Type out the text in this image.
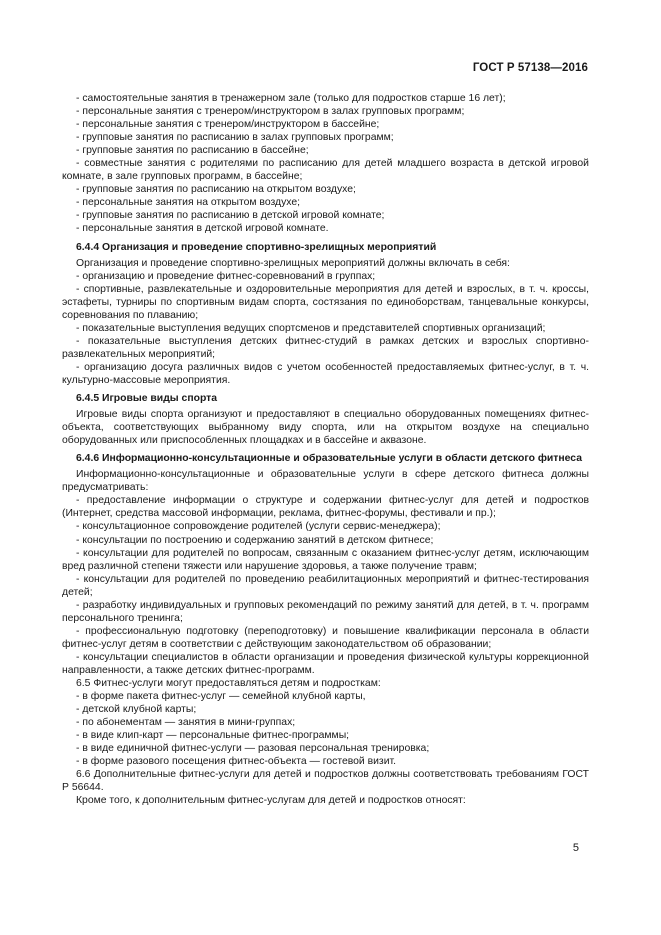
ГОСТ Р 57138—2016

- самостоятельные занятия в тренажерном зале (только для подростков старше 16 лет);

- персональные занятия с тренером/инструктором в залах групповых программ;

- персональные занятия с тренером/инструктором в бассейне;

- групповые занятия по расписанию в залах групповых программ;

- групповые занятия по расписанию в бассейне;

- совместные занятия с родителями по расписанию для детей младшего возраста в детской игровой комнате, в зале групповых программ, в бассейне;

- групповые занятия по расписанию на открытом воздухе;

- персональные занятия на открытом воздухе;

- групповые занятия по расписанию в детской игровой комнате;

- персональные занятия в детской игровой комнате.

6.4.4 Организация и проведение спортивно-зрелищных мероприятий

Организация и проведение спортивно-зрелищных мероприятий должны включать в себя:

- организацию и проведение фитнес-соревнований в группах;

- спортивные, развлекательные и оздоровительные мероприятия для детей и взрослых, в т. ч. кроссы, эстафеты, турниры по спортивным видам спорта, состязания по единоборствам, танцевальные конкурсы, соревнования по плаванию;

- показательные выступления ведущих спортсменов и представителей спортивных организаций;

- показательные выступления детских фитнес-студий в рамках детских и взрослых спортивно-развлекательных мероприятий;

- организацию досуга различных видов с учетом особенностей предоставляемых фитнес-услуг, в т. ч. культурно-массовые мероприятия.

6.4.5 Игровые виды спорта

Игровые виды спорта организуют и предоставляют в специально оборудованных помещениях фитнес-объекта, соответствующих выбранному виду спорта, или на открытом воздухе на специально оборудованных или приспособленных площадках и в бассейне и аквазоне.

6.4.6 Информационно-консультационные и образовательные услуги в области детского фитнеса

Информационно-консультационные и образовательные услуги в сфере детского фитнеса должны предусматривать:

- предоставление информации о структуре и содержании фитнес-услуг для детей и подростков (Интернет, средства массовой информации, реклама, фитнес-форумы, фестивали и пр.);

- консультационное сопровождение родителей (услуги сервис-менеджера);

- консультации по построению и содержанию занятий в детском фитнесе;

- консультации для родителей по вопросам, связанным с оказанием фитнес-услуг детям, исключающим вред различной степени тяжести или нарушение здоровья, а также получение травм;

- консультации для родителей по проведению реабилитационных мероприятий и фитнес-тестирования детей;

- разработку индивидуальных и групповых рекомендаций по режиму занятий для детей, в т. ч. программ персонального тренинга;

- профессиональную подготовку (переподготовку) и повышение квалификации персонала в области фитнес-услуг детям в соответствии с действующим законодательством об образовании;

- консультации специалистов в области организации и проведения физической культуры коррекционной направленности, а также детских фитнес-программ.

6.5 Фитнес-услуги могут предоставляться детям и подросткам:

- в форме пакета фитнес-услуг — семейной клубной карты,

- детской клубной карты;

- по абонементам — занятия в мини-группах;

- в виде клип-карт — персональные фитнес-программы;

- в виде единичной фитнес-услуги — разовая персональная тренировка;

- в форме разового посещения фитнес-объекта — гостевой визит.

6.6 Дополнительные фитнес-услуги для детей и подростков должны соответствовать требованиям ГОСТ Р 56644.

Кроме того, к дополнительным фитнес-услугам для детей и подростков относят:

5
